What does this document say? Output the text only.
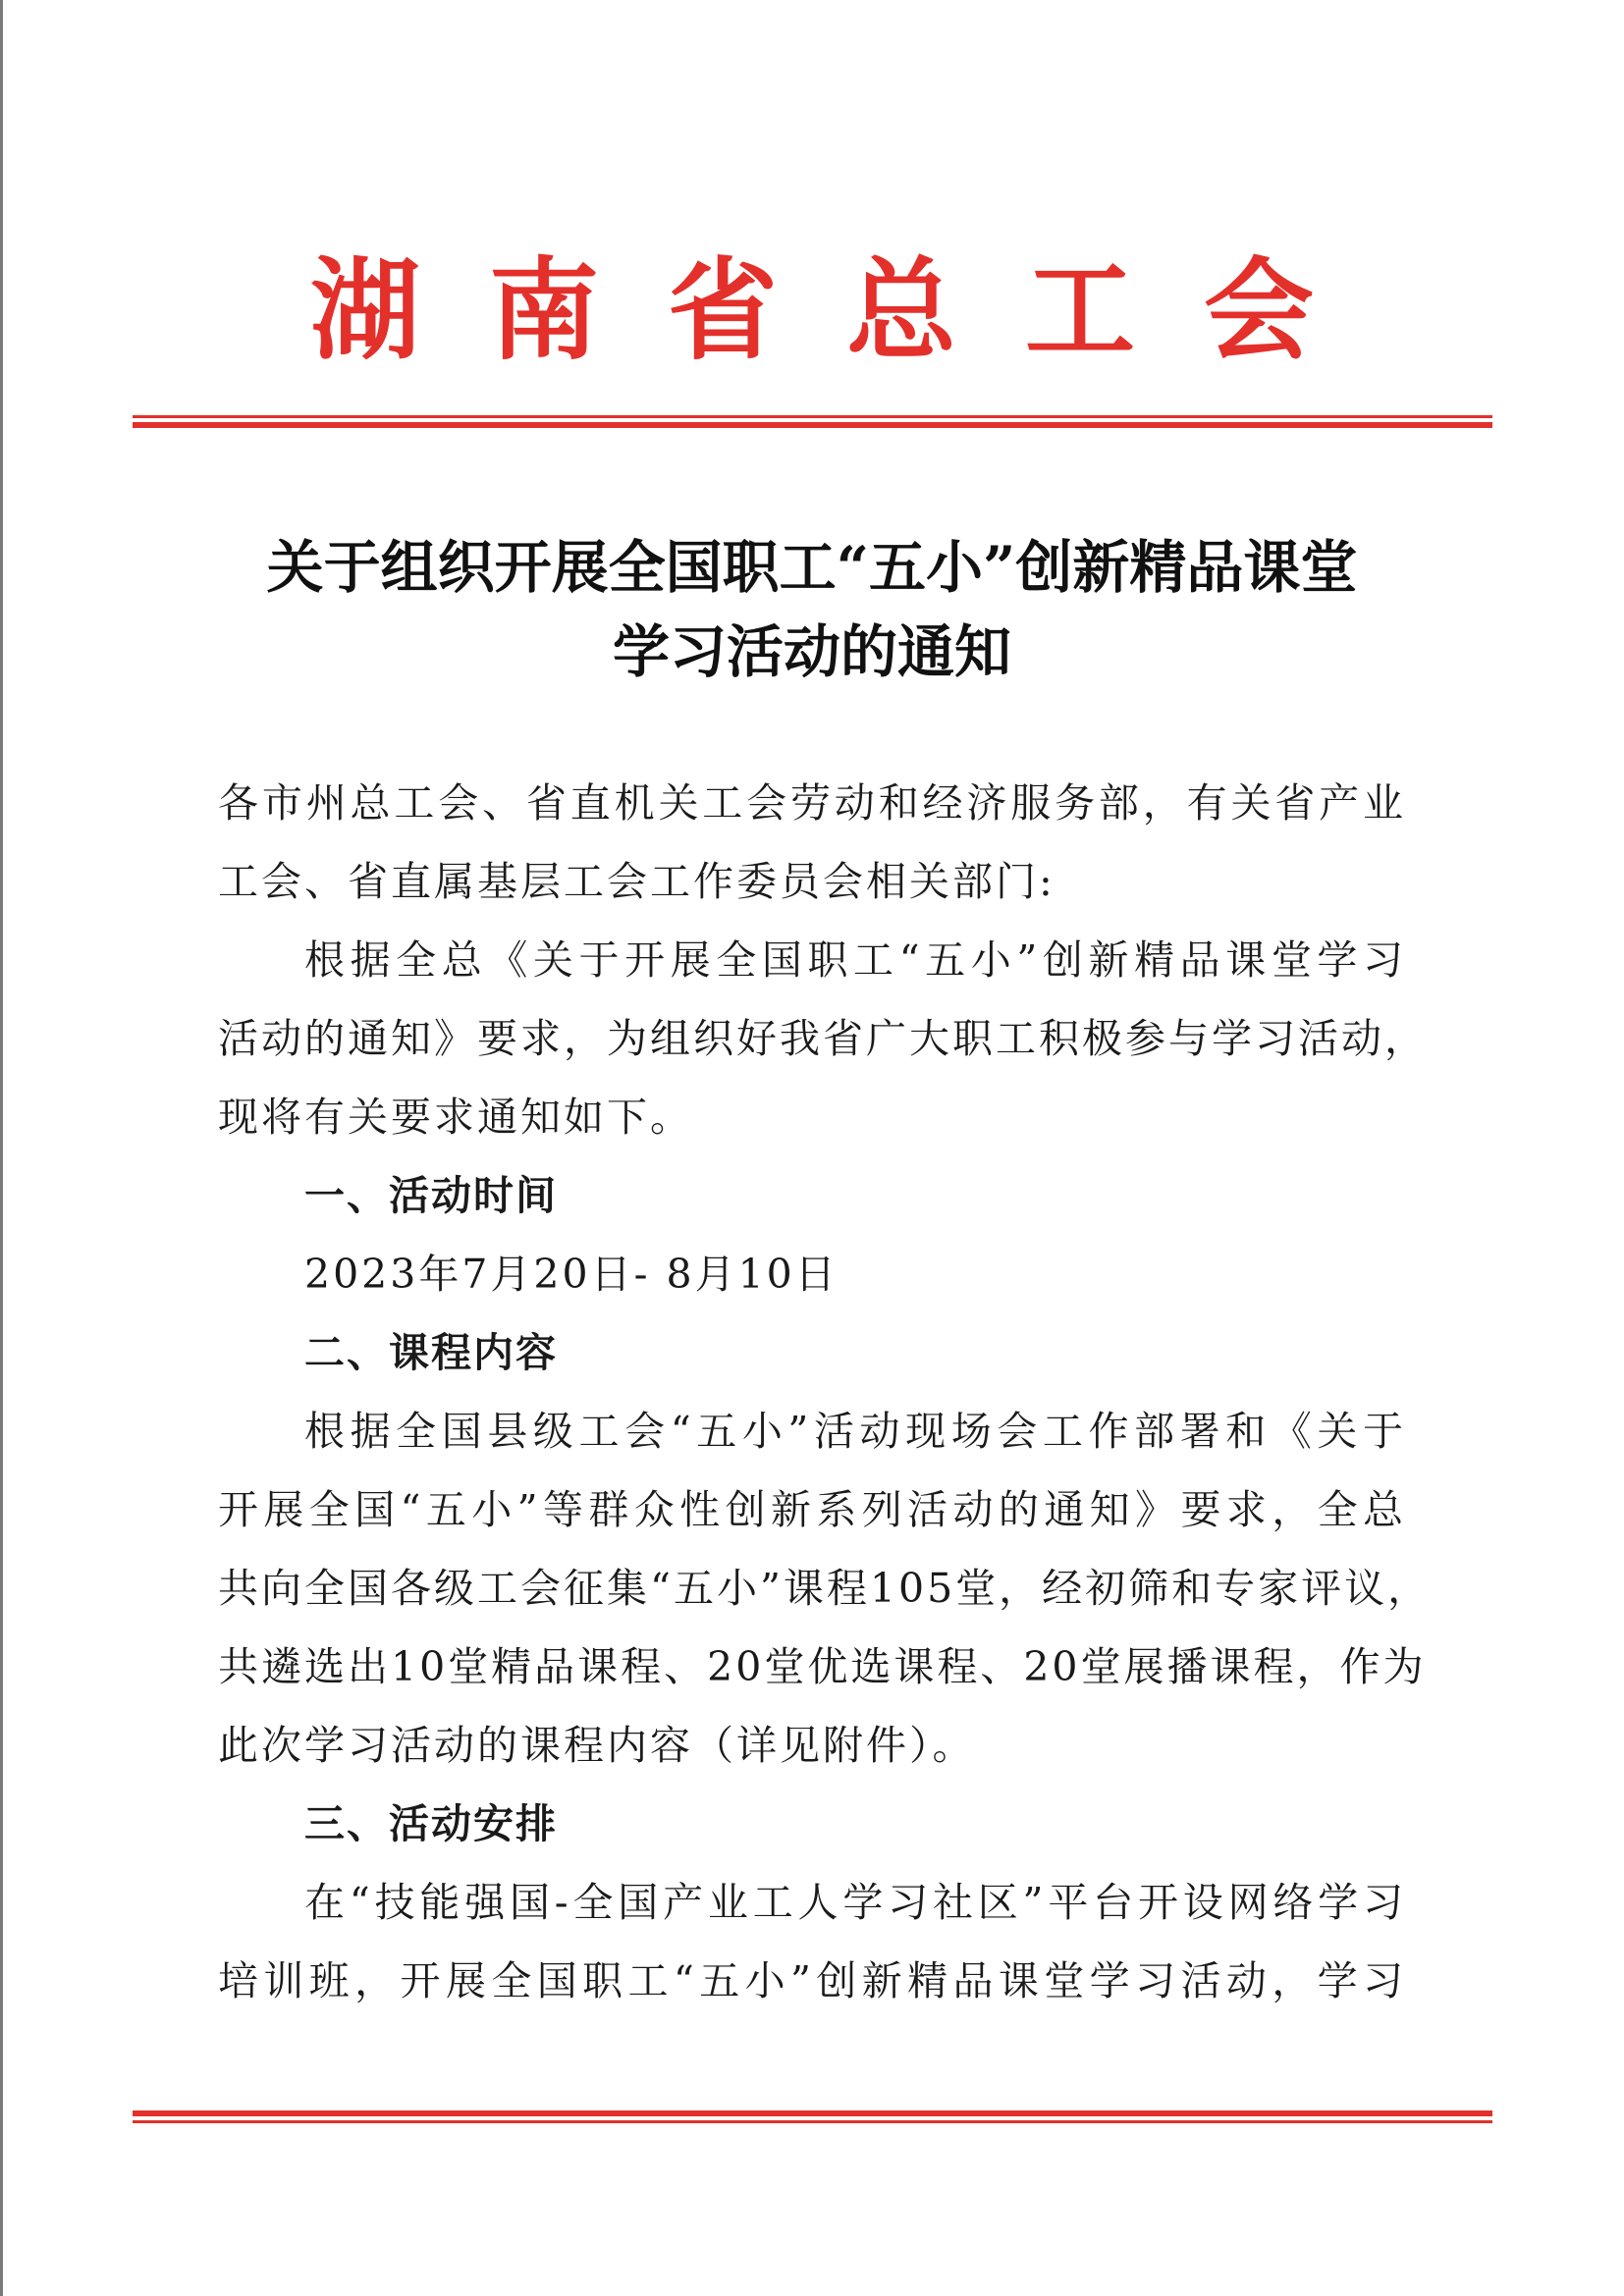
湖南省总工会
关于组织开展全国职工“五小”创新精品课堂
学习活动的通知
各市州总工会、省直机关工会劳动和经济服务部，有关省产业
工会、省直属基层工会工作委员会相关部门:
根据全总《关于开展全国职工“五小”创新精品课堂学习
活动的通知》要求，为组织好我省广大职工积极参与学习活动，
现将有关要求通知如下。
一、活动时间
2023年7月20日- 8月10日
二、课程内容
根据全国县级工会“五小”活动现场会工作部署和《关于
开展全国“五小”等群众性创新系列活动的通知》要求，全总
共向全国各级工会征集“五小”课程105堂，经初筛和专家评议，
共遴选出10堂精品课程、20堂优选课程、20堂展播课程，作为
此次学习活动的课程内容（详见附件）。
三、活动安排
在“技能强国-全国产业工人学习社区”平台开设网络学习
培训班，开展全国职工“五小”创新精品课堂学习活动，学习
